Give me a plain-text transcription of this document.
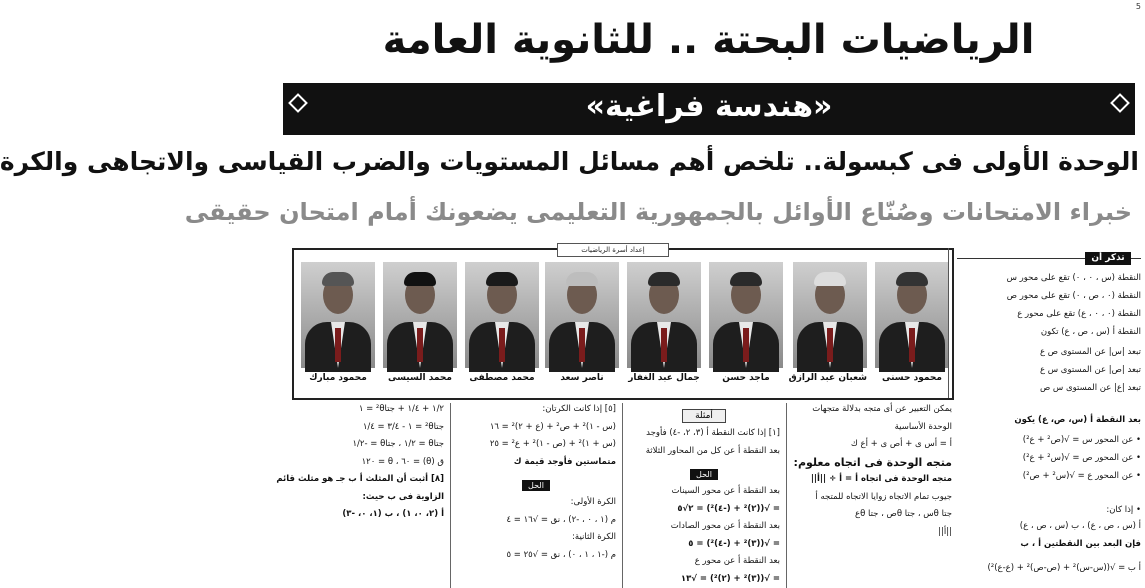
5
الرياضيات البحتة .. للثانوية العامة
«هندسة فراغية»
الوحدة الأولى فى كبسولة.. تلخص أهم مسائل المستويات والضرب القياسى والاتجاهى والكرة
خبراء الامتحانات وصُنّاع الأوائل بالجمهورية التعليمى يضعونك أمام امتحان حقيقى
إعداد أسرة الرياضيات
محمود حسنى
شعبان عبد الرازق
ماجد حسن
جمال عبد الغفار
ناصر سعد
محمد مصطفى
محمد السيسى
محمود مبارك
تذكر أن
النقطة (س ، ٠ ، ٠) تقع على محور س
النقطة (٠ ، ص ، ٠) تقع على محور ص
النقطة (٠ ، ٠ ، ع) تقع على محور ع
النقطة أ (س ، ص ، ع) تكون
تبعد |س| عن المستوى ص ع
تبعد |ص| عن المستوى س ع
تبعد |ع| عن المستوى س ص
بعد النقطة أ (س، ص، ع) يكون
• عن المحور س = √(ص² + ع²)
• عن المحور ص = √(س² + ع²)
• عن المحور ع = √(س² + ص²)
• إذا كان:
أ (س ، ص ، ع) ، ب (س ، ص ، ع)
فإن البعد بين النقطتين أ ، ب
أ ب = √((س-س)² + (ص-ص)² + (ع-ع)²)
يمكن التعبير عن أى متجه بدلالة متجهات
الوحدة الأساسية
أ = أس ى + أص ى + أع ك
متجه الوحدة فى اتجاه معلوم:
متجه الوحدة فى اتجاه أ = أ ÷ ||أ||
جيوب تمام الاتجاه زوايا الاتجاه للمتجه أ
جتا θس ، جتا θص ، جتا θع
||أ||
أمثلة
[١] إذا كانت النقطة أ (٣، ٢، -٤) فأوجد
بعد النقطة أ عن كل من المحاور الثلاثة
الحل
بعد النقطة أ عن محور السينات
= √((٢)² + (-٤)²) = ٢√٥
بعد النقطة أ عن محور الصادات
= √((٣)² + (-٤)²) = ٥
بعد النقطة أ عن محور ع
= √((٣)² + (٢)²) = √١٣
[٥] إذا كانت الكرتان:
(س - ١)² + ص² + (ع + ٢)² = ١٦
(س + ١)² + (ص - ١)² + ع² = ٢٥
متماستين فأوجد قيمة ك
الحل
الكرة الأولى:
م (١ ، ٠ ، -٢) ، نق = √١٦ = ٤
الكرة الثانية:
م (-١ ، ١ ، ٠) ، نق = √٢٥ = ٥
١/٢ + ١/٤ + جتا²θ = ١
جتا²θ = ١ - ٣/٤ = ١/٤
جتاθ = ١/٢ ، جتاθ = -١/٢
ق (θ) = ٦٠ ، θ = ١٢٠
[٨] أثبت أن المثلث أ ب جـ هو مثلث قائم
الزاوية فى ب حيث:
أ (٢، ٠، ١) ، ب (١، ٠، -٣)
